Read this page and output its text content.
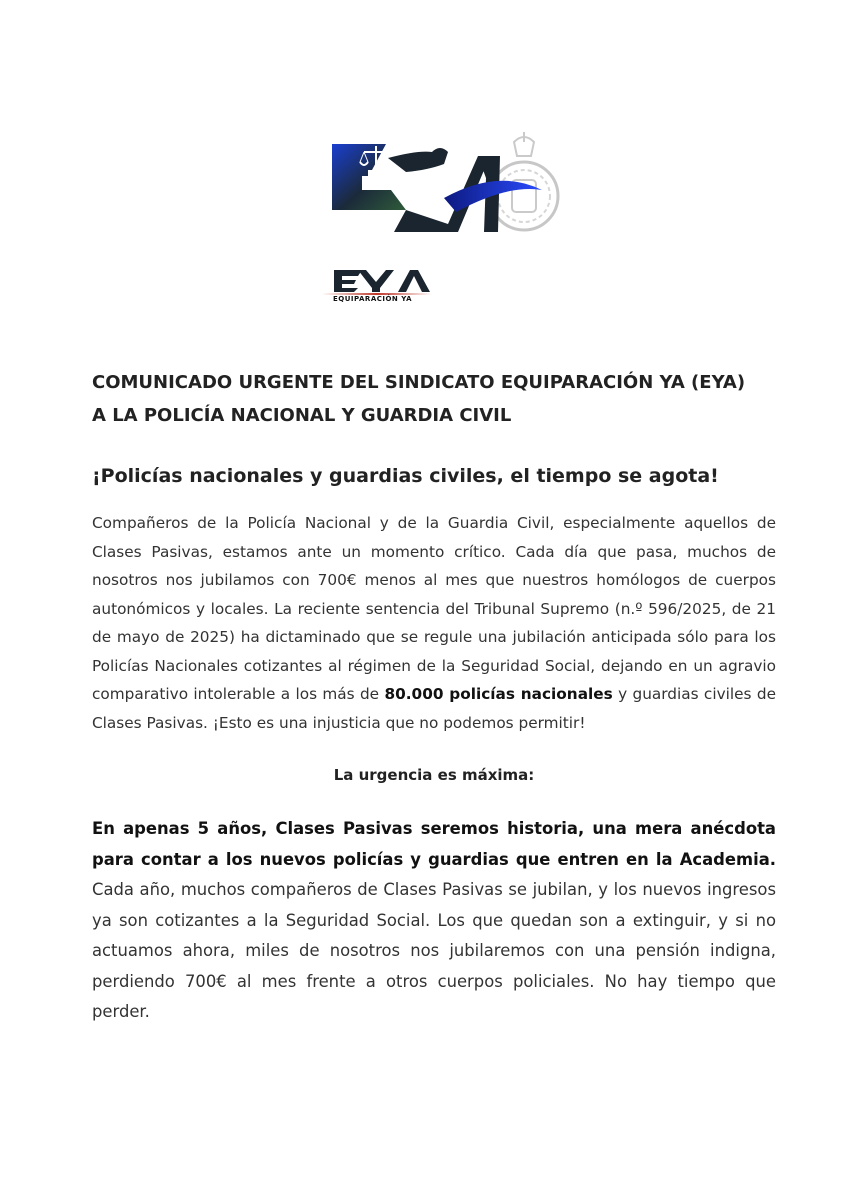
EQUIPARACIÓN YA
COMUNICADO URGENTE DEL SINDICATO EQUIPARACIÓN YA (EYA)
A LA POLICÍA NACIONAL Y GUARDIA CIVIL
¡Policías nacionales y guardias civiles, el tiempo se agota!

Compañeros de la Policía Nacional y de la Guardia Civil, especialmente aquellos de Clases Pasivas, estamos ante un momento crítico. Cada día que pasa, muchos de nosotros nos jubilamos con 700€ menos al mes que nuestros homólogos de cuerpos autonómicos y locales. La reciente sentencia del Tribunal Supremo (n.º 596/2025, de 21 de mayo de 2025) ha dictaminado que se regule una jubilación anticipada sólo para los Policías Nacionales cotizantes al régimen de la Seguridad Social, dejando en un agravio comparativo intolerable a los más de 80.000 policías nacionales y guardias civiles de Clases Pasivas. ¡Esto es una injusticia que no podemos permitir!

La urgencia es máxima:

En apenas 5 años, Clases Pasivas seremos historia, una mera anécdota para contar a los nuevos policías y guardias que entren en la Academia. Cada año, muchos compañeros de Clases Pasivas se jubilan, y los nuevos ingresos ya son cotizantes a la Seguridad Social. Los que quedan son a extinguir, y si no actuamos ahora, miles de nosotros nos jubilaremos con una pensión indigna, perdiendo 700€ al mes frente a otros cuerpos policiales. No hay tiempo que perder.
